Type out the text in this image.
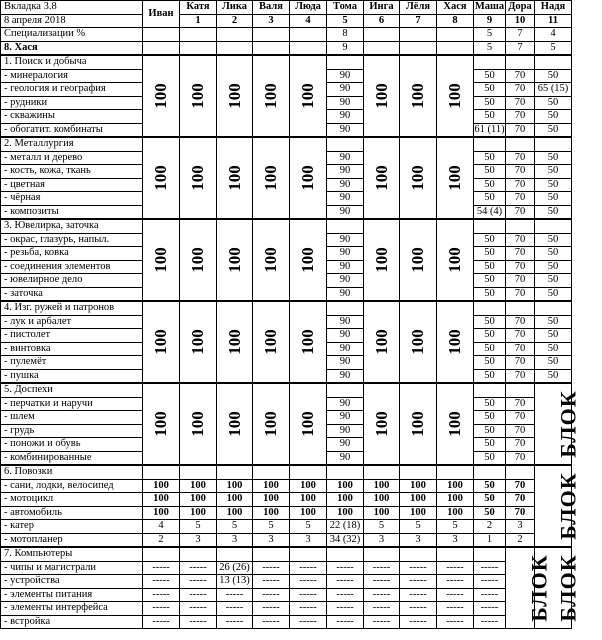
Вкладка 3.8	Иван	Катя	Лика	Валя	Люда	Тома	Инга	Лёля	Хася	Маша	Дора	Надя
8 апреля 2018		1	2	3	4	5	6	7	8	9	10	11
Специализации %						8				5	7	4
8. Хася						9				5	7	5
1. Поиск и добыча	100	100	100	100	100		100	100	100			
- минералогия						90				50	70	50
- геология и география						90				50	70	65 (15)
- рудники						90				50	70	50
- скважины						90				50	70	50
- обогатит. комбинаты						90				61 (11)	70	50
2. Металлургия	100	100	100	100	100		100	100	100			
- металл и дерево						90				50	70	50
- кость, кожа, ткань						90				50	70	50
- цветная						90				50	70	50
- чёрная						90				50	70	50
- композиты						90				54 (4)	70	50
3. Ювелирка, заточка	100	100	100	100	100		100	100	100			
- окрас, глазурь, напыл.						90				50	70	50
- резьба, ковка						90				50	70	50
- соединения элементов						90				50	70	50
- ювелирное дело						90				50	70	50
- заточка						90				50	70	50
4. Изг. ружей и патронов	100	100	100	100	100		100	100	100			
- лук и арбалет						90				50	70	50
- пистолет						90				50	70	50
- винтовка						90				50	70	50
- пулемёт						90				50	70	50
- пушка						90				50	70	50
5. Доспехи	100	100	100	100	100		100	100	100			БЛОК
- перчатки и наручи						90				50	70	
- шлем						90				50	70	
- грудь						90				50	70	
- поножи и обувь						90				50	70	
- комбинированные						90				50	70	
6. Повозки												БЛОК
- сани, лодки, велосипед	100	100	100	100	100	100	100	100	100	50	70	
- мотоцикл	100	100	100	100	100	100	100	100	100	50	70	
- автомобиль	100	100	100	100	100	100	100	100	100	50	70	
- катер	4	5	5	5	5	22 (18)	5	5	5	2	3	
- мотопланер	2	3	3	3	3	34 (32)	3	3	3	1	2	
7. Компьютеры											БЛОК	БЛОК
- чипы и магистрали	-----	-----	26 (26)	-----	-----	-----	-----	-----	-----	-----		
- устройства	-----	-----	13 (13)	-----	-----	-----	-----	-----	-----	-----		
- элементы питания	-----	-----	-----	-----	-----	-----	-----	-----	-----	-----		
- элементы интерфейса	-----	-----	-----	-----	-----	-----	-----	-----	-----	-----		
- встройка	-----	-----	-----	-----	-----	-----	-----	-----	-----	-----		
